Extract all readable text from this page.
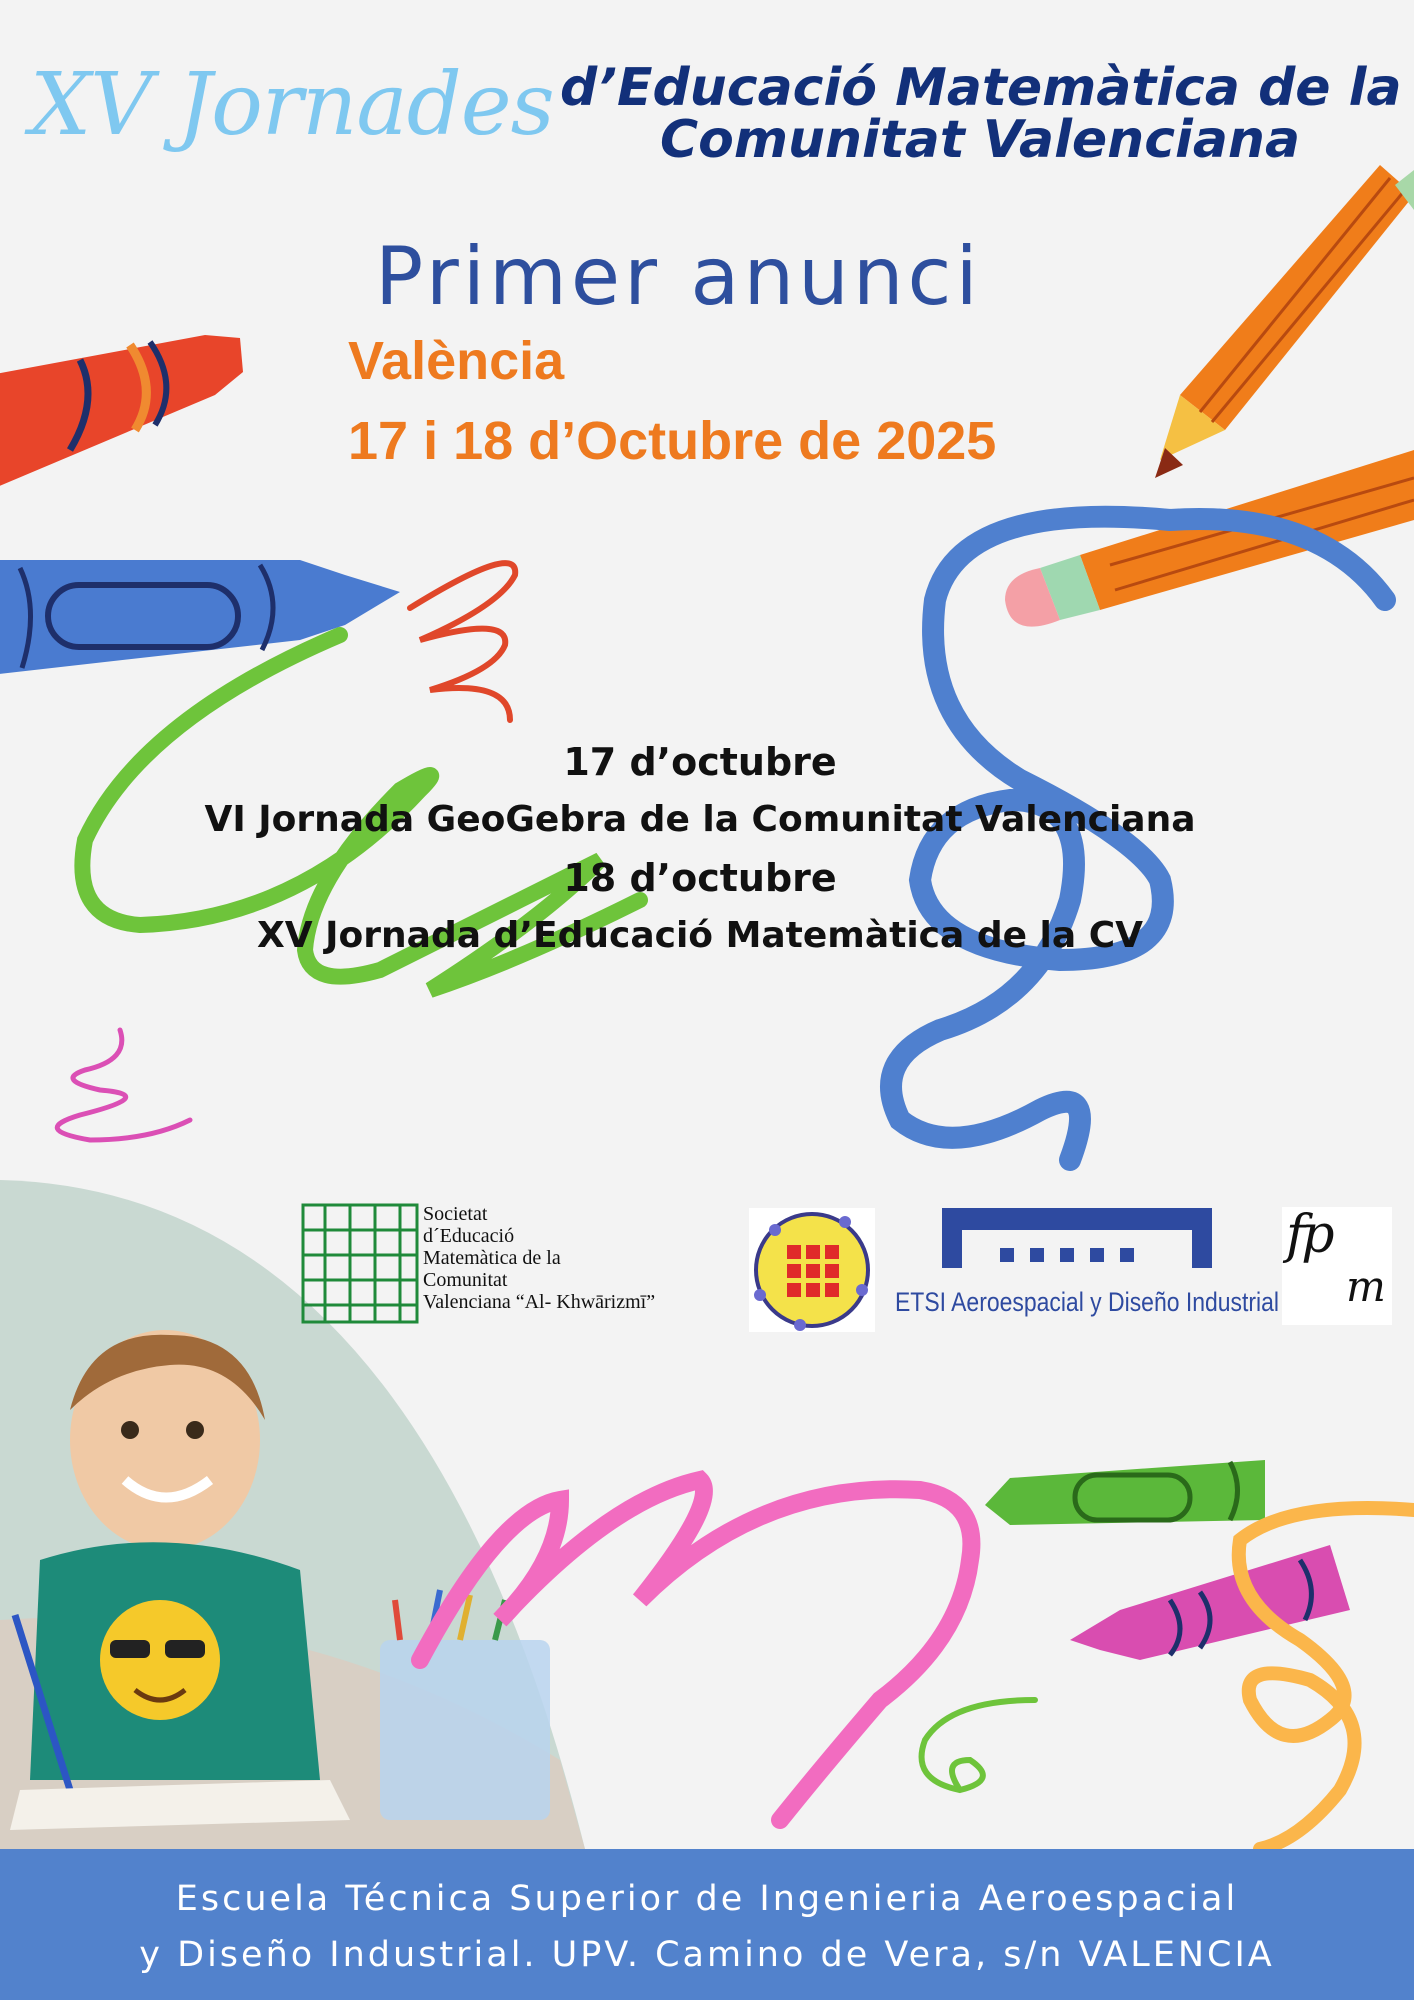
XV Jornades d’Educació Matemàtica de la
Comunitat Valenciana
Primer anunci
València
17 i 18 d’Octubre de 2025
17 d’octubre
VI Jornada GeoGebra de la Comunitat Valenciana
18 d’octubre
XV Jornada d’Educació Matemàtica de la CV
Societat
d´Educació
Matemàtica de la
Comunitat
Valenciana “Al- Khwārizmī”	ETSI Aeroespacial y Diseño Industrial
fp
m
Escuela Técnica Superior de Ingenieria Aeroespacial
y Diseño Industrial. UPV. Camino de Vera, s/n VALENCIA
